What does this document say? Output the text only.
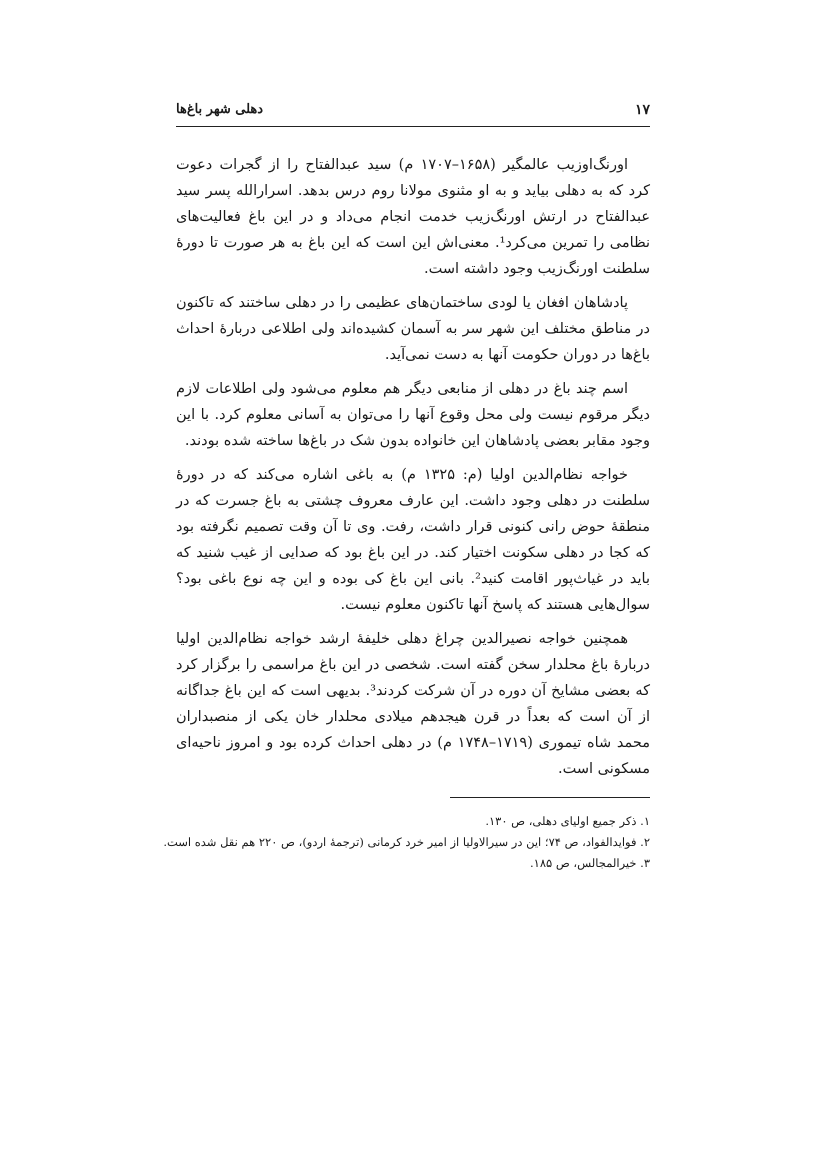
۱۷
دهلی شهر باغ‌ها

اورنگ‌اوزیب عالمگیر (۱۶۵۸–۱۷۰۷ م) سید عبدالفتاح را از گجرات دعوت کرد که به دهلی بیاید و به او مثنوی مولانا روم درس بدهد. اسرارالله پسر سید عبدالفتاح در ارتش اورنگ‌زیب خدمت انجام می‌داد و در این باغ فعالیت‌های نظامی را تمرین می‌کرد¹. معنی‌اش این است که این باغ به هر صورت تا دورهٔ سلطنت اورنگ‌زیب وجود داشته است.

پادشاهان افغان یا لودی ساختمان‌های عظیمی را در دهلی ساختند که تاکنون در مناطق مختلف این شهر سر به آسمان کشیده‌اند ولی اطلاعی دربارهٔ احداث باغ‌ها در دوران حکومت آنها به دست نمی‌آید.

اسم چند باغ در دهلی از منابعی دیگر هم معلوم می‌شود ولی اطلاعات لازم دیگر مرقوم نیست ولی محل وقوع آنها را می‌توان به آسانی معلوم کرد. با این وجود مقابر بعضی پادشاهان این خانواده بدون شک در باغ‌ها ساخته شده بودند.

خواجه نظام‌الدین اولیا (م: ۱۳۲۵ م) به باغی اشاره می‌کند که در دورهٔ سلطنت در دهلی وجود داشت. این عارف معروف چشتی به باغ جسرت که در منطقهٔ حوض رانی کنونی قرار داشت، رفت. وی تا آن وقت تصمیم نگرفته بود که کجا در دهلی سکونت اختیار کند. در این باغ بود که صدایی از غیب شنید که باید در غیاث‌پور اقامت کنید². بانی این باغ کی بوده و این چه نوع باغی بود؟ سوال‌هایی هستند که پاسخ آنها تاکنون معلوم نیست.

همچنین خواجه نصیرالدین چراغ دهلی خلیفهٔ ارشد خواجه نظام‌الدین اولیا دربارهٔ باغ محلدار سخن گفته است. شخصی در این باغ مراسمی را برگزار کرد که بعضی مشایخ آن دوره در آن شرکت کردند³. بدیهی است که این باغ جداگانه از آن است که بعداً در قرن هیجدهم میلادی محلدار خان یکی از منصبداران محمد شاه تیموری (۱۷۱۹–۱۷۴۸ م) در دهلی احداث کرده بود و امروز ناحیه‌ای مسکونی است.

۱. ذکر جمیع اولیای دهلی، ص ۱۳۰.

۲. فوایدالفواد، ص ۷۴؛ این در سیرالاولیا از امیر خرد کرمانی (ترجمهٔ اردو)، ص ۲۲۰ هم نقل شده است.

۳. خیرالمجالس، ص ۱۸۵.
